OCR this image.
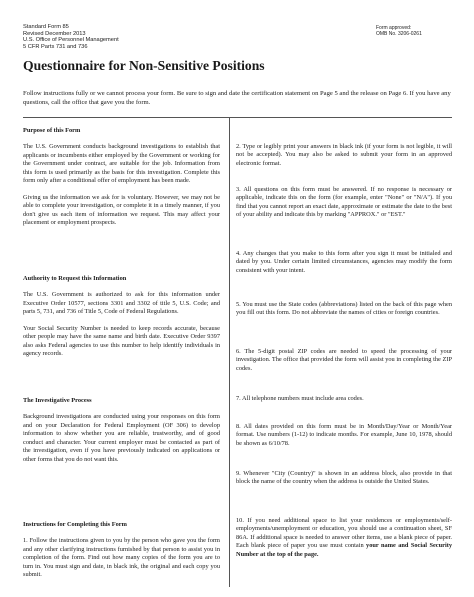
Standard Form 85
Revised December 2013
U.S. Office of Personnel Management
5 CFR Parts 731 and 736
Form approved:
OMB No. 3206-0261
Questionnaire for Non-Sensitive Positions
Follow instructions fully or we cannot process your form. Be sure to sign and date the certification statement on Page 5 and the release on Page 6. If you have any questions, call the office that gave you the form.
Purpose of this Form

The U.S. Government conducts background investigations to establish that applicants or incumbents either employed by the Government or working for the Government under contract, are suitable for the job. Information from this form is used primarily as the basis for this investigation. Complete this form only after a conditional offer of employment has been made.

Giving us the information we ask for is voluntary. However, we may not be able to complete your investigation, or complete it in a timely manner, if you don't give us each item of information we request. This may affect your placement or employment prospects.

Authority to Request this Information

The U.S. Government is authorized to ask for this information under Executive Order 10577, sections 3301 and 3302 of title 5, U.S. Code; and parts 5, 731, and 736 of Title 5, Code of Federal Regulations.

Your Social Security Number is needed to keep records accurate, because other people may have the same name and birth date. Executive Order 9397 also asks Federal agencies to use this number to help identify individuals in agency records.

The Investigative Process

Background investigations are conducted using your responses on this form and on your Declaration for Federal Employment (OF 306) to develop information to show whether you are reliable, trustworthy, and of good conduct and character. Your current employer must be contacted as part of the investigation, even if you have previously indicated on applications or other forms that you do not want this.

Instructions for Completing this Form

1. Follow the instructions given to you by the person who gave you the form and any other clarifying instructions furnished by that person to assist you in completion of the form. Find out how many copies of the form you are to turn in. You must sign and date, in black ink, the original and each copy you submit.

2. Type or legibly print your answers in black ink (if your form is not legible, it will not be accepted). You may also be asked to submit your form in an approved electronic format.
3. All questions on this form must be answered. If no response is necessary or applicable, indicate this on the form (for example, enter "None" or "N/A"). If you find that you cannot report an exact date, approximate or estimate the date to the best of your ability and indicate this by marking "APPROX." or "EST."
4. Any changes that you make to this form after you sign it must be initialed and dated by you. Under certain limited circumstances, agencies may modify the form consistent with your intent.
5. You must use the State codes (abbreviations) listed on the back of this page when you fill out this form. Do not abbreviate the names of cities or foreign countries.
6. The 5-digit postal ZIP codes are needed to speed the processing of your investigation. The office that provided the form will assist you in completing the ZIP codes.
7. All telephone numbers must include area codes.
8. All dates provided on this form must be in Month/Day/Year or Month/Year format. Use numbers (1-12) to indicate months. For example, June 10, 1978, should be shown as 6/10/78.
9. Whenever "City (Country)" is shown in an address block, also provide in that block the name of the country when the address is outside the United States.
10. If you need additional space to list your residences or employments/self-employments/unemployment or education, you should use a continuation sheet, SF 86A. If additional space is needed to answer other items, use a blank piece of paper. Each blank piece of paper you use must contain your name and Social Security Number at the top of the page.
